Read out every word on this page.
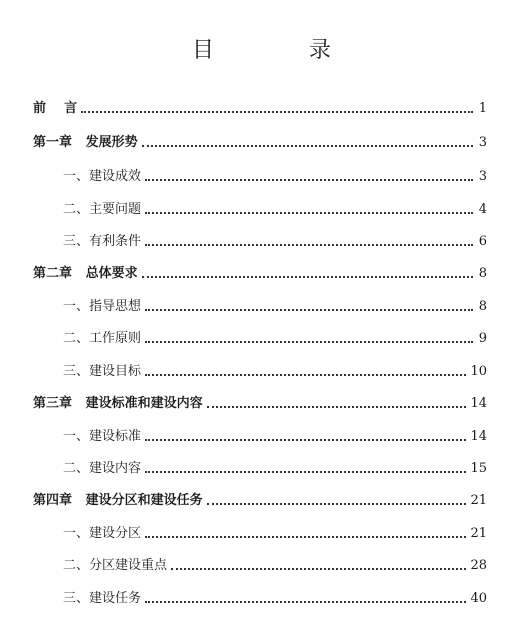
目 录
前    言	1
第一章   发展形势	3
一、建设成效	3
二、主要问题	4
三、有利条件	6
第二章   总体要求	8
一、指导思想	8
二、工作原则	9
三、建设目标	10
第三章   建设标准和建设内容	14
一、建设标准	14
二、建设内容	15
第四章   建设分区和建设任务	21
一、建设分区	21
二、分区建设重点	28
三、建设任务	40
